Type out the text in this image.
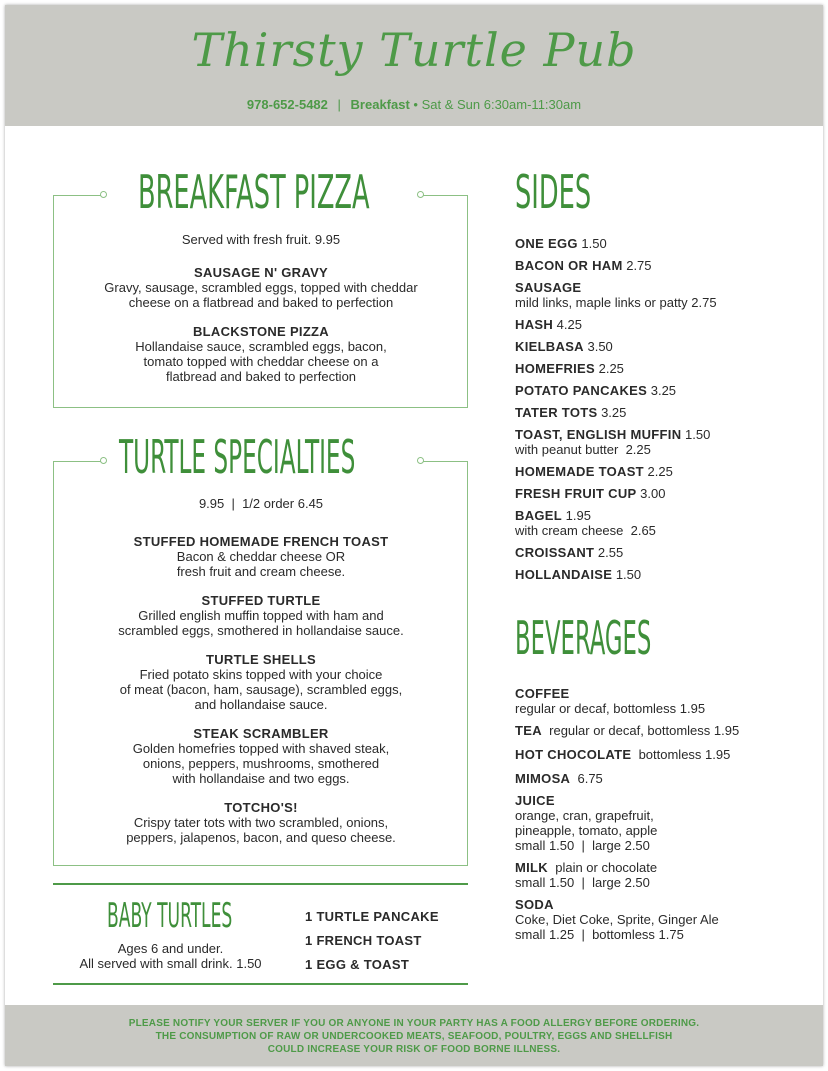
Thirsty Turtle Pub
978-652-5482 | Breakfast • Sat & Sun 6:30am-11:30am
BREAKFAST PIZZA
Served with fresh fruit. 9.95
SAUSAGE N' GRAVY
Gravy, sausage, scrambled eggs, topped with cheddar
cheese on a flatbread and baked to perfection
BLACKSTONE PIZZA
Hollandaise sauce, scrambled eggs, bacon,
tomato topped with cheddar cheese on a
flatbread and baked to perfection
TURTLE SPECIALTIES
9.95  |  1/2 order 6.45
STUFFED HOMEMADE FRENCH TOAST
Bacon & cheddar cheese OR
fresh fruit and cream cheese.
STUFFED TURTLE
Grilled english muffin topped with ham and
scrambled eggs, smothered in hollandaise sauce.
TURTLE SHELLS
Fried potato skins topped with your choice
of meat (bacon, ham, sausage), scrambled eggs,
and hollandaise sauce.
STEAK SCRAMBLER
Golden homefries topped with shaved steak,
onions, peppers, mushrooms, smothered
with hollandaise and two eggs.
TOTCHO'S!
Crispy tater tots with two scrambled, onions,
peppers, jalapenos, bacon, and queso cheese.
BABY TURTLES
Ages 6 and under.
All served with small drink. 1.50
1 TURTLE PANCAKE
1 FRENCH TOAST
1 EGG & TOAST
SIDES
ONE EGG 1.50
BACON OR HAM 2.75
SAUSAGE
mild links, maple links or patty 2.75
HASH 4.25
KIELBASA 3.50
HOMEFRIES 2.25
POTATO PANCAKES 3.25
TATER TOTS 3.25
TOAST, ENGLISH MUFFIN 1.50
with peanut butter  2.25
HOMEMADE TOAST 2.25
FRESH FRUIT CUP 3.00
BAGEL 1.95
with cream cheese  2.65
CROISSANT 2.55
HOLLANDAISE 1.50
BEVERAGES
COFFEE
regular or decaf, bottomless 1.95
TEA regular or decaf, bottomless 1.95
HOT CHOCOLATE bottomless 1.95
MIMOSA 6.75
JUICE
orange, cran, grapefruit,
pineapple, tomato, apple
small 1.50  |  large 2.50
MILK plain or chocolate
small 1.50  |  large 2.50
SODA
Coke, Diet Coke, Sprite, Ginger Ale
small 1.25  |  bottomless 1.75
PLEASE NOTIFY YOUR SERVER IF YOU OR ANYONE IN YOUR PARTY HAS A FOOD ALLERGY BEFORE ORDERING.
THE CONSUMPTION OF RAW OR UNDERCOOKED MEATS, SEAFOOD, POULTRY, EGGS AND SHELLFISH
COULD INCREASE YOUR RISK OF FOOD BORNE ILLNESS.
